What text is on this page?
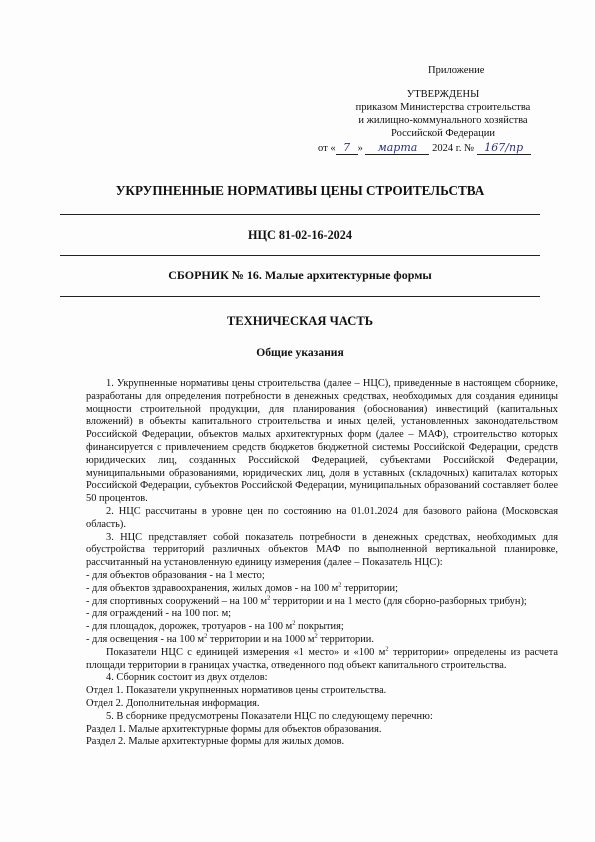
Приложение
УТВЕРЖДЕНЫ
приказом Министерства строительства
и жилищно-коммунального хозяйства
Российской Федерации
от « 7 » марта 2024 г. № 167/пр
УКРУПНЕННЫЕ НОРМАТИВЫ ЦЕНЫ СТРОИТЕЛЬСТВА
НЦС 81-02-16-2024
СБОРНИК № 16. Малые архитектурные формы
ТЕХНИЧЕСКАЯ ЧАСТЬ
Общие указания

1. Укрупненные нормативы цены строительства (далее – НЦС), приведенные в настоящем сборнике, разработаны для определения потребности в денежных средствах, необходимых для создания единицы мощности строительной продукции, для планирования (обоснования) инвестиций (капитальных вложений) в объекты капитального строительства и иных целей, установленных законодательством Российской Федерации, объектов малых архитектурных форм (далее – МАФ), строительство которых финансируется с привлечением средств бюджетов бюджетной системы Российской Федерации, средств юридических лиц, созданных Российской Федерацией, субъектами Российской Федерации, муниципальными образованиями, юридических лиц, доля в уставных (складочных) капиталах которых Российской Федерации, субъектов Российской Федерации, муниципальных образований составляет более 50 процентов.

2. НЦС рассчитаны в уровне цен по состоянию на 01.01.2024 для базового района (Московская область).

3. НЦС представляет собой показатель потребности в денежных средствах, необходимых для обустройства территорий различных объектов МАФ по выполненной вертикальной планировке, рассчитанный на установленную единицу измерения (далее – Показатель НЦС):

- для объектов образования - на 1 место;

- для объектов здравоохранения, жилых домов - на 100 $м^2$ территории;

- для спортивных сооружений – на 100 $м^2$ территории и на 1 место (для сборно-разборных трибун);

- для ограждений - на 100 пог. м;

- для площадок, дорожек, тротуаров - на 100 $м^2$ покрытия;

- для освещения - на 100 $м^2$ территории и на 1000 $м^2$ территории.

Показатели НЦС с единицей измерения «1 место» и «100 $м^2$ территории» определены из расчета площади территории в границах участка, отведенного под объект капитального строительства.

4. Сборник состоит из двух отделов:

Отдел 1. Показатели укрупненных нормативов цены строительства.

Отдел 2. Дополнительная информация.

5. В сборнике предусмотрены Показатели НЦС по следующему перечню:

Раздел 1. Малые архитектурные формы для объектов образования.

Раздел 2. Малые архитектурные формы для жилых домов.
